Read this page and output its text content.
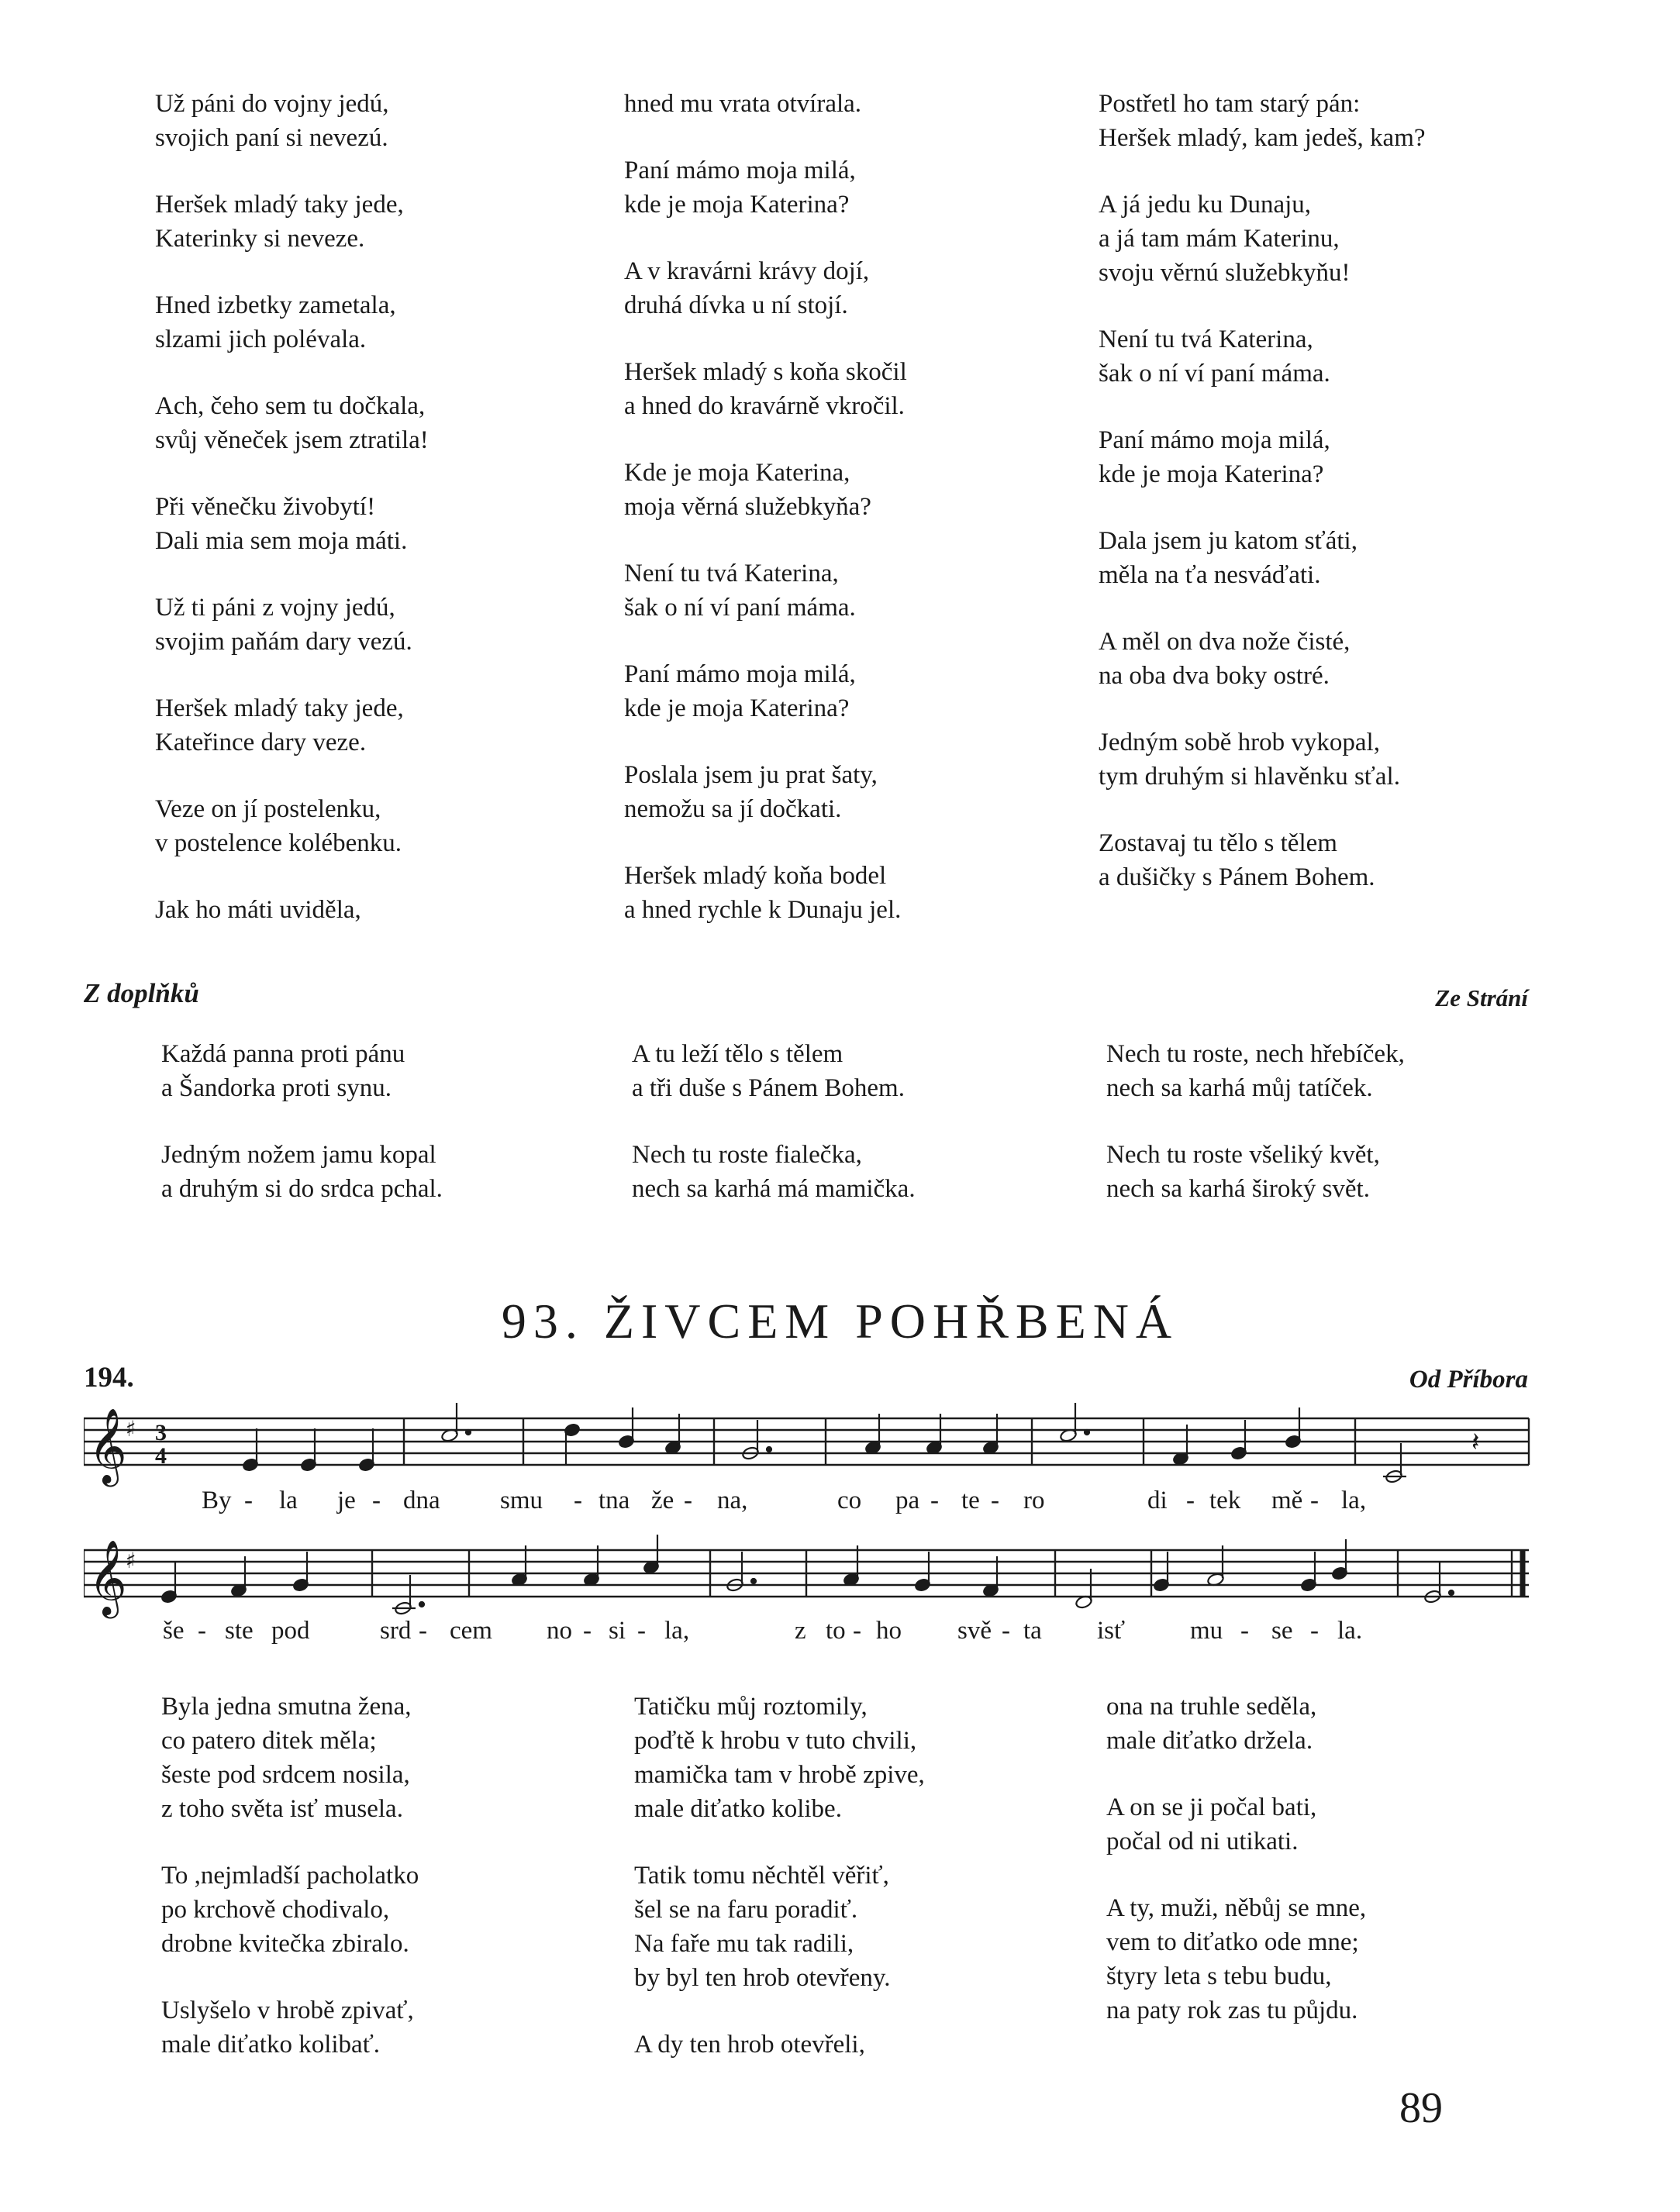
Už páni do vojny jedú,
svojich paní si nevezú.
Heršek mladý taky jede,
Katerinky si neveze.
Hned izbetky zametala,
slzami jich polévala.
Ach, čeho sem tu dočkala,
svůj věneček jsem ztratila!
Při věnečku živobytí!
Dali mia sem moja máti.
Už ti páni z vojny jedú,
svojim paňám dary vezú.
Heršek mladý taky jede,
Kateřince dary veze.
Veze on jí postelenku,
v postelence kolébenku.
Jak ho máti uviděla,
hned mu vrata otvírala.
Paní mámo moja milá,
kde je moja Katerina?
A v kravárni krávy dojí,
druhá dívka u ní stojí.
Heršek mladý s koňa skočil
a hned do kravárně vkročil.
Kde je moja Katerina,
moja věrná služebkyňa?
Není tu tvá Katerina,
šak o ní ví paní máma.
Paní mámo moja milá,
kde je moja Katerina?
Poslala jsem ju prat šaty,
nemožu sa jí dočkati.
Heršek mladý koňa bodel
a hned rychle k Dunaju jel.
Postřetl ho tam starý pán:
Heršek mladý, kam jedeš, kam?
A já jedu ku Dunaju,
a já tam mám Katerinu,
svoju věrnú služebkyňu!
Není tu tvá Katerina,
šak o ní ví paní máma.
Paní mámo moja milá,
kde je moja Katerina?
Dala jsem ju katom sťáti,
měla na ťa nesváďati.
A měl on dva nože čisté,
na oba dva boky ostré.
Jedným sobě hrob vykopal,
tym druhým si hlavěnku sťal.
Zostavaj tu tělo s tělem
a dušičky s Pánem Bohem.
Z doplňků	Ze Strání
Každá panna proti pánu
a Šandorka proti synu.
Jedným nožem jamu kopal
a druhým si do srdca pchal.
A tu leží tělo s tělem
a tři duše s Pánem Bohem.
Nech tu roste fialečka,
nech sa karhá má mamička.
Nech tu roste, nech hřebíček,
nech sa karhá můj tatíček.
Nech tu roste všeliký květ,
nech sa karhá široký svět.
93. ŽIVCEM POHŘBENÁ
194.	Od Příbora
𝄞
♯ 3
4	𝄽
By - la je - dna smu - tna že - na,	co pa - te - ro	di - tek mě - la,
𝄞
♯
še - ste pod	srd - cem no - si - la,	z to - ho svě - ta isť	mu - se - la.
Byla jedna smutna žena,
co patero ditek měla;
šeste pod srdcem nosila,
z toho světa isť musela.
To ,nejmladší pacholatko
po krchově chodivalo,
drobne kvitečka zbiralo.
Uslyšelo v hrobě zpivať,
male diťatko kolibať.
Tatičku můj roztomily,
poďtě k hrobu v tuto chvili,
mamička tam v hrobě zpive,
male diťatko kolibe.
Tatik tomu něchtěl věřiť,
šel se na faru poradiť.
Na faře mu tak radili,
by byl ten hrob otevřeny.
A dy ten hrob otevřeli,
ona na truhle seděla,
male diťatko držela.
A on se ji počal bati,
počal od ni utikati.
A ty, muži, něbůj se mne,
vem to diťatko ode mne;
štyry leta s tebu budu,
na paty rok zas tu půjdu.
89
